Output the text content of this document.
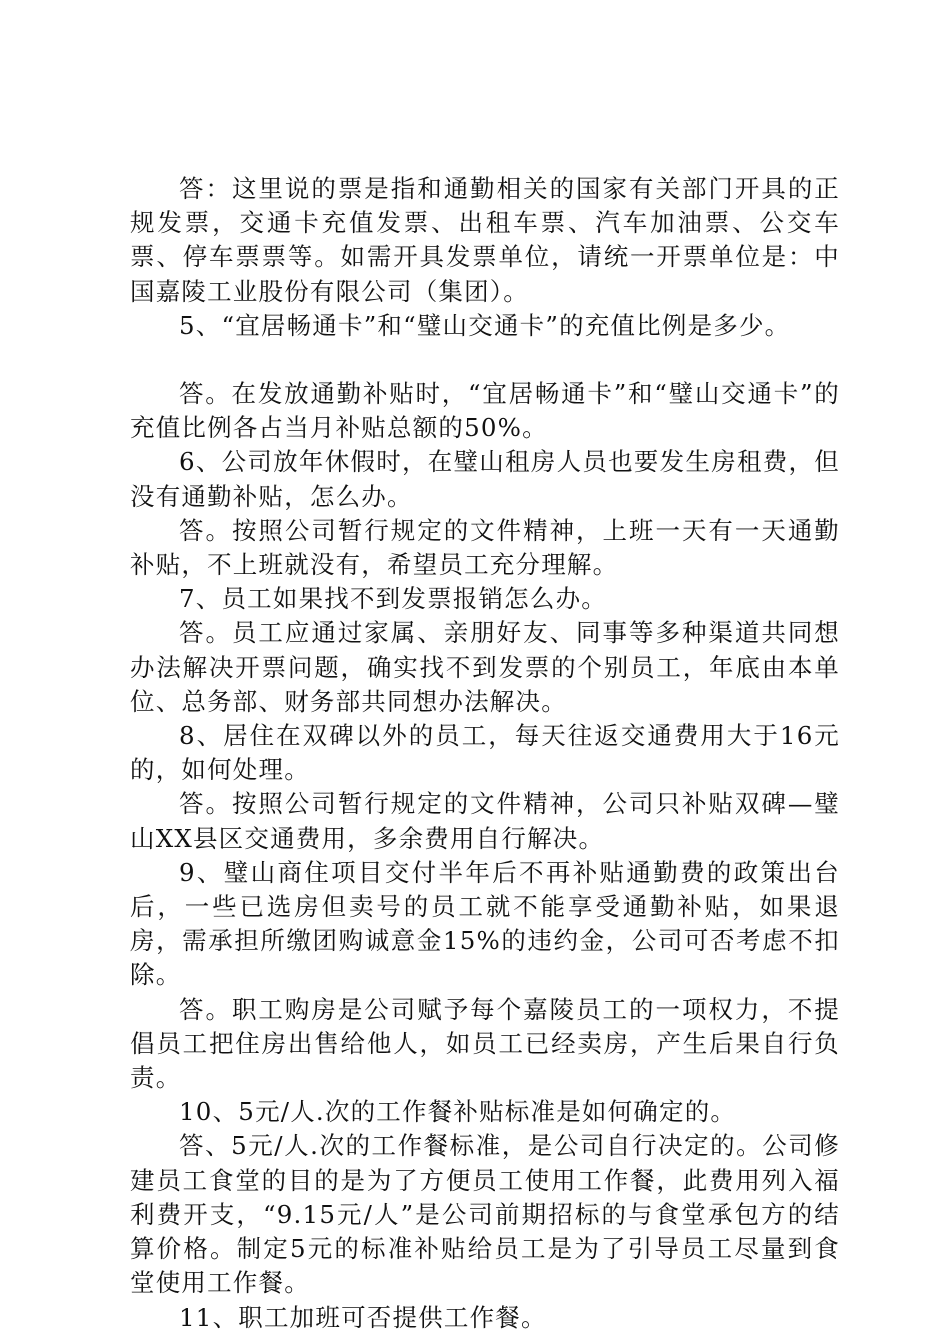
答：这里说的票是指和通勤相关的国家有关部门开具的正规发票，交通卡充值发票、出租车票、汽车加油票、公交车票、停车票票等。如需开具发票单位，请统一开票单位是：中国嘉陵工业股份有限公司（集团）。

5、“宜居畅通卡”和“璧山交通卡”的充值比例是多少。

答。在发放通勤补贴时，“宜居畅通卡”和“璧山交通卡”的充值比例各占当月补贴总额的50%。

6、公司放年休假时，在璧山租房人员也要发生房租费，但没有通勤补贴，怎么办。

答。按照公司暂行规定的文件精神，上班一天有一天通勤补贴，不上班就没有，希望员工充分理解。

7、员工如果找不到发票报销怎么办。

答。员工应通过家属、亲朋好友、同事等多种渠道共同想办法解决开票问题，确实找不到发票的个别员工，年底由本单位、总务部、财务部共同想办法解决。

8、居住在双碑以外的员工，每天往返交通费用大于16元的，如何处理。

答。按照公司暂行规定的文件精神，公司只补贴双碑—璧山XX县区交通费用，多余费用自行解决。

9、璧山商住项目交付半年后不再补贴通勤费的政策出台后，一些已选房但卖号的员工就不能享受通勤补贴，如果退房，需承担所缴团购诚意金15%的违约金，公司可否考虑不扣除。

答。职工购房是公司赋予每个嘉陵员工的一项权力，不提倡员工把住房出售给他人，如员工已经卖房，产生后果自行负责。

10、5元/人.次的工作餐补贴标准是如何确定的。

答、5元/人.次的工作餐标准，是公司自行决定的。公司修建员工食堂的目的是为了方便员工使用工作餐，此费用列入福利费开支，“9.15元/人”是公司前期招标的与食堂承包方的结算价格。制定5元的标准补贴给员工是为了引导员工尽量到食堂使用工作餐。

11、职工加班可否提供工作餐。
